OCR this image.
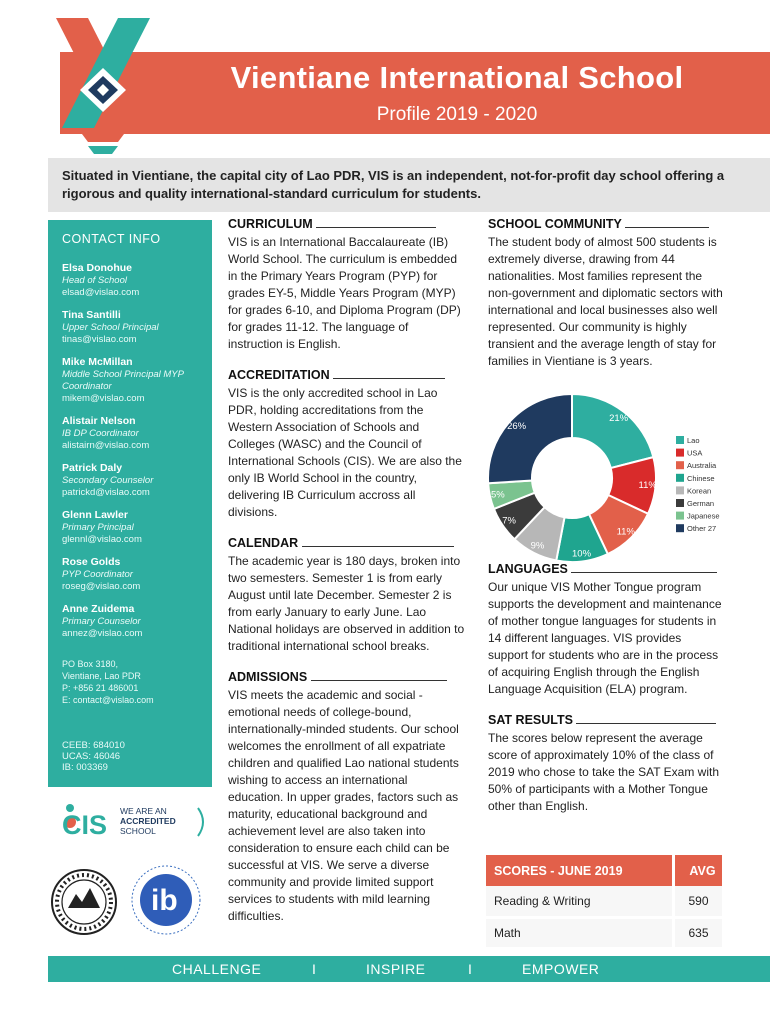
Vientiane International School
Profile 2019 - 2020
Situated in Vientiane, the capital city of Lao PDR, VIS is an independent, not-for-profit day school offering a rigorous and quality international-standard curriculum for students.
CONTACT INFO
Elsa Donohue
Head of School
elsad@vislao.com
Tina Santilli
Upper School Principal
tinas@vislao.com
Mike McMillan
Middle School Principal MYP Coordinator
mikem@vislao.com
Alistair Nelson
IB DP Coordinator
alistairn@vislao.com
Patrick Daly
Secondary Counselor
patrickd@vislao.com
Glenn Lawler
Primary Principal
glennl@vislao.com
Rose Golds
PYP Coordinator
roseg@vislao.com
Anne Zuidema
Primary Counselor
annez@vislao.com
PO Box 3180,
Vientiane, Lao PDR
P: +856 21 486001
E: contact@vislao.com
CEEB: 684010
UCAS: 46046
IB: 003369
CIS WE ARE AN
ACCREDITED
SCHOOL
ib
CURRICULUM
VIS is an International Baccalaureate (IB) World School. The curriculum is embedded in the Primary Years Program (PYP) for grades EY-5, Middle Years Program (MYP) for grades 6-10, and Diploma Program (DP) for grades 11-12. The language of instruction is English.
ACCREDITATION
VIS is the only accredited school in Lao PDR, holding accreditations from the Western Association of Schools and Colleges (WASC) and the Council of International Schools (CIS). We are also the only IB World School in the country, delivering IB Curriculum accross all divisions.
CALENDAR
The academic year is 180 days, broken into two semesters. Semester 1 is from early August until late December. Semester 2 is from early January to early June. Lao National holidays are observed in addition to traditional international school breaks.
ADMISSIONS
VIS meets the academic and social -emotional needs of college-bound, internationally-minded students. Our school welcomes the enrollment of all expatriate children and qualified Lao national students wishing to access an international education. In upper grades, factors such as maturity, educational background and achievement level are also taken into consideration to ensure each child can be successful at VIS. We serve a diverse community and provide limited support services to students with mild learning difficulties.
SCHOOL COMMUNITY
The student body of almost 500 students is extremely diverse, drawing from 44 nationalities. Most families represent the non-government and diplomatic sectors with international and local businesses also well represented. Our community is highly transient and the average length of stay for families in Vientiane is 3 years.
LANGUAGES
Our unique VIS Mother Tongue program supports the development and maintenance of mother tongue languages for students in 14 different languages. VIS provides support for students who are in the process of acquiring English through the English Language Acquisition (ELA) program.
SAT RESULTS
The scores below represent the average score of approximately 10% of the class of 2019 who chose to take the SAT Exam with 50% of participants with a Mother Tongue other than English.
21%
11%
11%
10%
9%
7%
5%
26%
Lao
USA
Australia
Chinese
Korean
German
Japanese
Other 27
SCORES - JUNE 2019	AVG
Reading & Writing	590
Math	635
CHALLENGE	I	INSPIRE	I	EMPOWER
